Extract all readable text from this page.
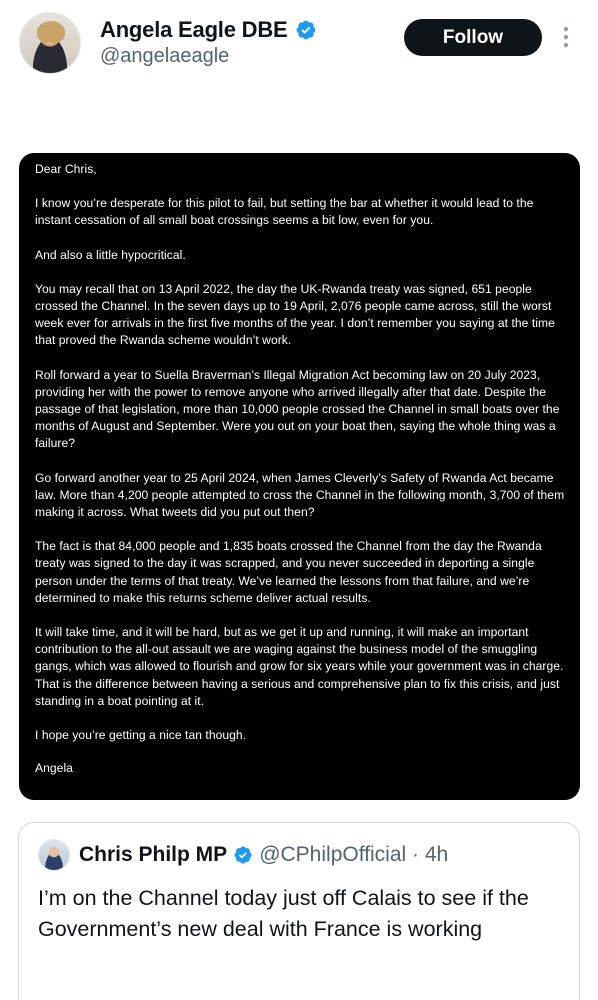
Angela Eagle DBE
@angelaeagle
Follow

Dear Chris,

I know you’re desperate for this pilot to fail, but setting the bar at whether it would lead to the instant cessation of all small boat crossings seems a bit low, even for you.

And also a little hypocritical.

You may recall that on 13 April 2022, the day the UK-Rwanda treaty was signed, 651 people crossed the Channel. In the seven days up to 19 April, 2,076 people came across, still the worst week ever for arrivals in the first five months of the year. I don’t remember you saying at the time that proved the Rwanda scheme wouldn’t work.

Roll forward a year to Suella Braverman’s Illegal Migration Act becoming law on 20 July 2023, providing her with the power to remove anyone who arrived illegally after that date. Despite the passage of that legislation, more than 10,000 people crossed the Channel in small boats over the months of August and September. Were you out on your boat then, saying the whole thing was a failure?

Go forward another year to 25 April 2024, when James Cleverly’s Safety of Rwanda Act became law. More than 4,200 people attempted to cross the Channel in the following month, 3,700 of them making it across. What tweets did you put out then?

The fact is that 84,000 people and 1,835 boats crossed the Channel from the day the Rwanda treaty was signed to the day it was scrapped, and you never succeeded in deporting a single person under the terms of that treaty. We’ve learned the lessons from that failure, and we’re determined to make this returns scheme deliver actual results.

It will take time, and it will be hard, but as we get it up and running, it will make an important contribution to the all-out assault we are waging against the business model of the smuggling gangs, which was allowed to flourish and grow for six years while your government was in charge. That is the difference between having a serious and comprehensive plan to fix this crisis, and just standing in a boat pointing at it.

I hope you’re getting a nice tan though.

Angela

Chris Philp MP @CPhilpOfficial · 4h
I’m on the Channel today just off Calais to see if the Government’s new deal with France is working
